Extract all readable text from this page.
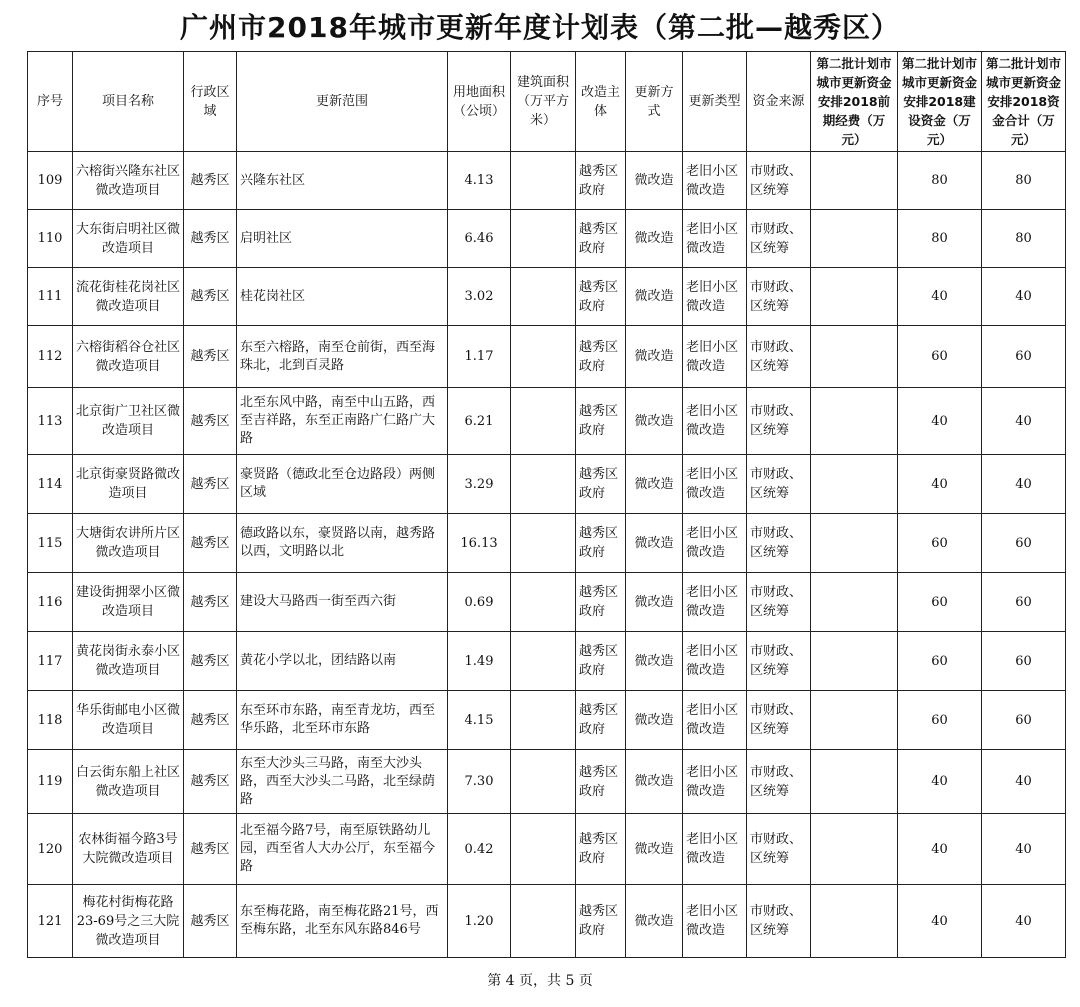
广州市2018年城市更新年度计划表（第二批—越秀区）
序号	项目名称	行政区域	更新范围	用地面积（公顷）	建筑面积（万平方米）	改造主体	更新方式	更新类型	资金来源	第二批计划市城市更新资金安排2018前期经费（万元）	第二批计划市城市更新资金安排2018建设资金（万元）	第二批计划市城市更新资金安排2018资金合计（万元）
109	六榕街兴隆东社区微改造项目	越秀区	兴隆东社区	4.13		越秀区政府	微改造	老旧小区微改造	市财政、区统筹		80	80
110	大东街启明社区微改造项目	越秀区	启明社区	6.46		越秀区政府	微改造	老旧小区微改造	市财政、区统筹		80	80
111	流花街桂花岗社区微改造项目	越秀区	桂花岗社区	3.02		越秀区政府	微改造	老旧小区微改造	市财政、区统筹		40	40
112	六榕街稻谷仓社区微改造项目	越秀区	东至六榕路，南至仓前街，西至海珠北，北到百灵路	1.17		越秀区政府	微改造	老旧小区微改造	市财政、区统筹		60	60
113	北京街广卫社区微改造项目	越秀区	北至东风中路，南至中山五路，西至吉祥路，东至正南路广仁路广大路	6.21		越秀区政府	微改造	老旧小区微改造	市财政、区统筹		40	40
114	北京街豪贤路微改造项目	越秀区	豪贤路（德政北至仓边路段）两侧区域	3.29		越秀区政府	微改造	老旧小区微改造	市财政、区统筹		40	40
115	大塘街农讲所片区微改造项目	越秀区	德政路以东，豪贤路以南，越秀路以西，文明路以北	16.13		越秀区政府	微改造	老旧小区微改造	市财政、区统筹		60	60
116	建设街拥翠小区微改造项目	越秀区	建设大马路西一街至西六街	0.69		越秀区政府	微改造	老旧小区微改造	市财政、区统筹		60	60
117	黄花岗街永泰小区微改造项目	越秀区	黄花小学以北，团结路以南	1.49		越秀区政府	微改造	老旧小区微改造	市财政、区统筹		60	60
118	华乐街邮电小区微改造项目	越秀区	东至环市东路，南至青龙坊，西至华乐路，北至环市东路	4.15		越秀区政府	微改造	老旧小区微改造	市财政、区统筹		60	60
119	白云街东船上社区微改造项目	越秀区	东至大沙头三马路，南至大沙头路，西至大沙头二马路，北至绿荫路	7.30		越秀区政府	微改造	老旧小区微改造	市财政、区统筹		40	40
120	农林街福今路3号大院微改造项目	越秀区	北至福今路7号，南至原铁路幼儿园，西至省人大办公厅，东至福今路	0.42		越秀区政府	微改造	老旧小区微改造	市财政、区统筹		40	40
121	梅花村街梅花路23-69号之三大院微改造项目	越秀区	东至梅花路，南至梅花路21号，西至梅东路，北至东风东路846号	1.20		越秀区政府	微改造	老旧小区微改造	市财政、区统筹		40	40
第 4 页，共 5 页
